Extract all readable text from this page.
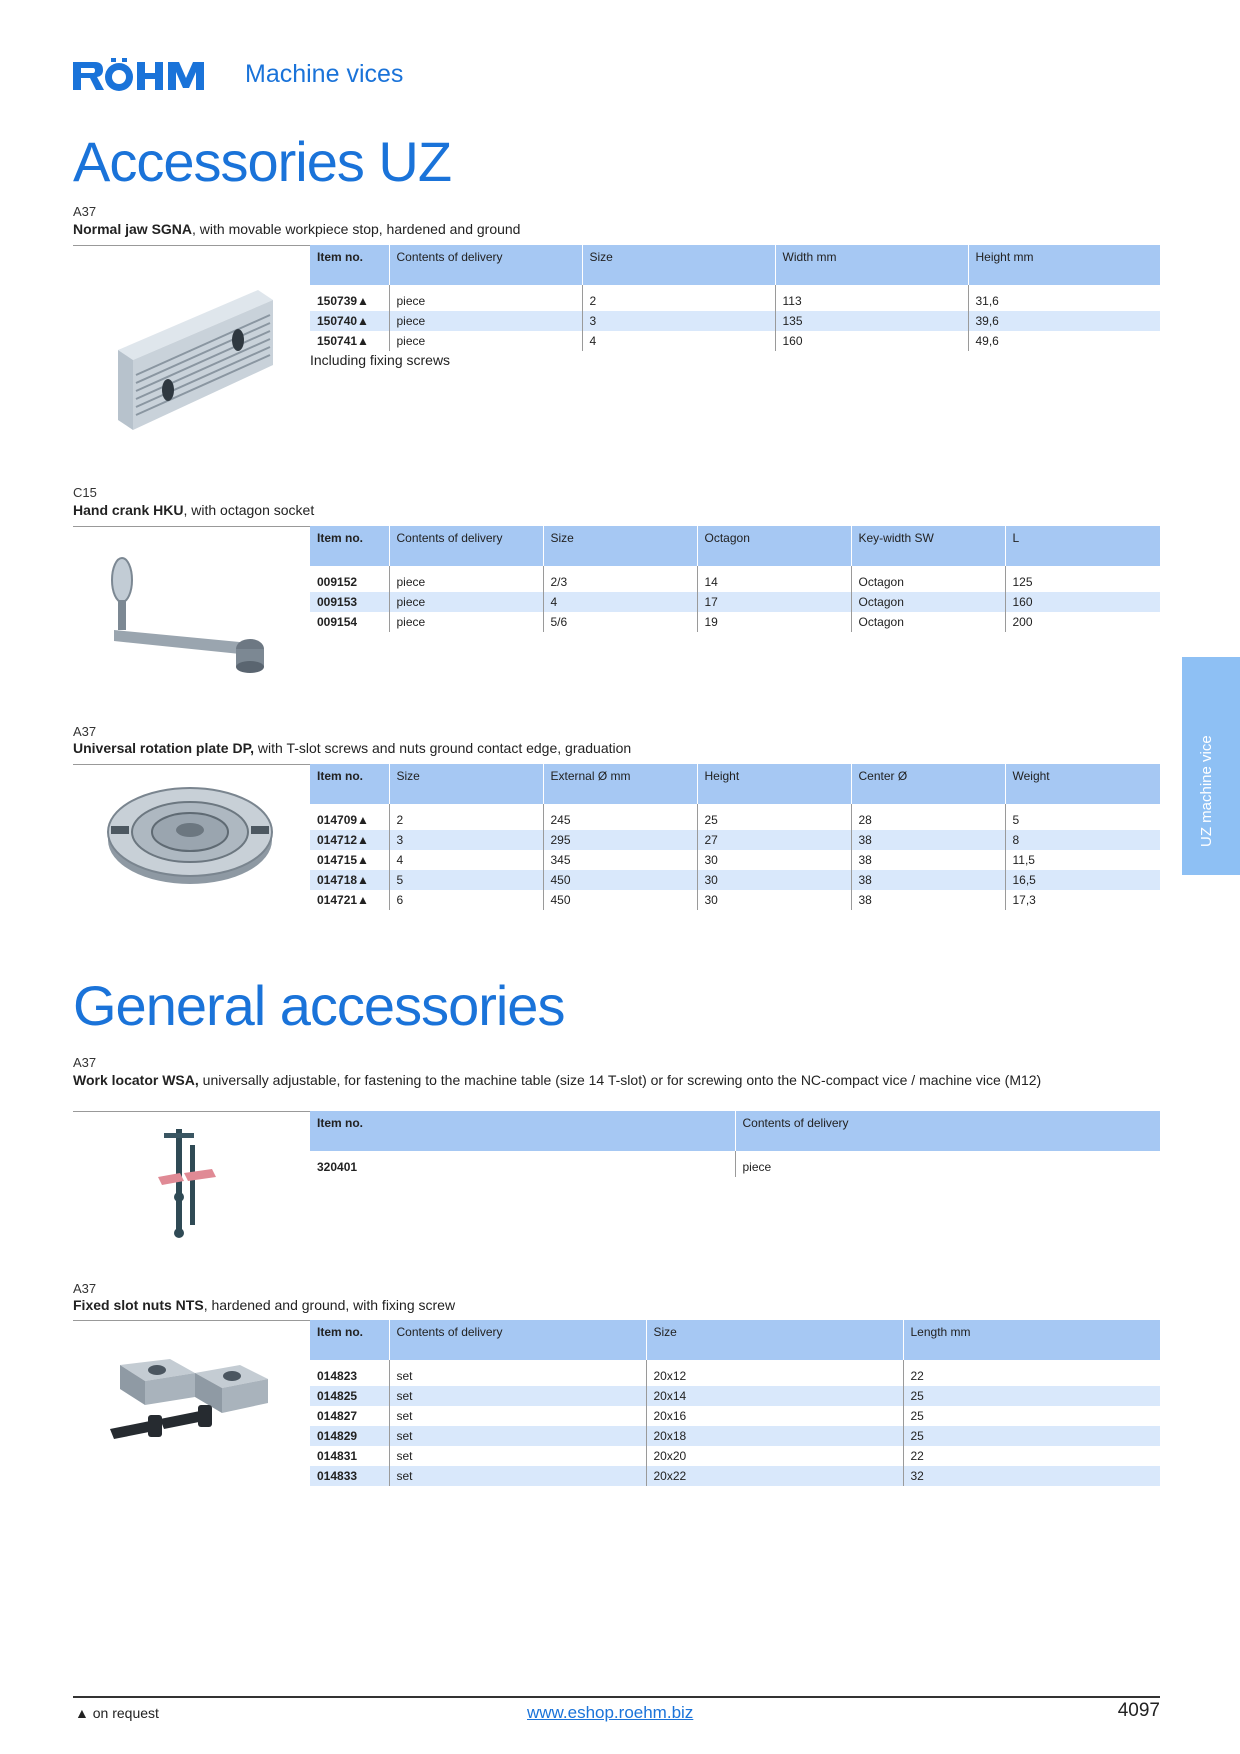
RÖHM
Machine vices
Accessories UZ
A37
Normal jaw SGNA, with movable workpiece stop, hardened and ground
Item no.	Contents of delivery	Size	Width mm	Height mm

150739▲	piece	2	113	31,6
150740▲	piece	3	135	39,6
150741▲	piece	4	160	49,6
Including fixing screws
C15
Hand crank HKU, with octagon socket
Item no.	Contents of delivery	Size	Octagon	Key-width SW	L

009152	piece	2/3	14	Octagon	125
009153	piece	4	17	Octagon	160
009154	piece	5/6	19	Octagon	200
A37
Universal rotation plate DP, with T-slot screws and nuts ground contact edge, graduation
Item no.	Size	External Ø mm	Height	Center Ø	Weight

014709▲	2	245	25	28	5
014712▲	3	295	27	38	8
014715▲	4	345	30	38	11,5
014718▲	5	450	30	38	16,5
014721▲	6	450	30	38	17,3
General accessories
A37
Work locator WSA, universally adjustable, for fastening to the machine table (size 14 T-slot) or for screwing onto the NC-compact vice / machine vice (M12)
Item no.	Contents of delivery

320401	piece
A37
Fixed slot nuts NTS, hardened and ground, with fixing screw
Item no.	Contents of delivery	Size	Length mm

014823	set	20x12	22
014825	set	20x14	25
014827	set	20x16	25
014829	set	20x18	25
014831	set	20x20	22
014833	set	20x22	32
UZ machine vice
▲ on request	www.eshop.roehm.biz	4097
